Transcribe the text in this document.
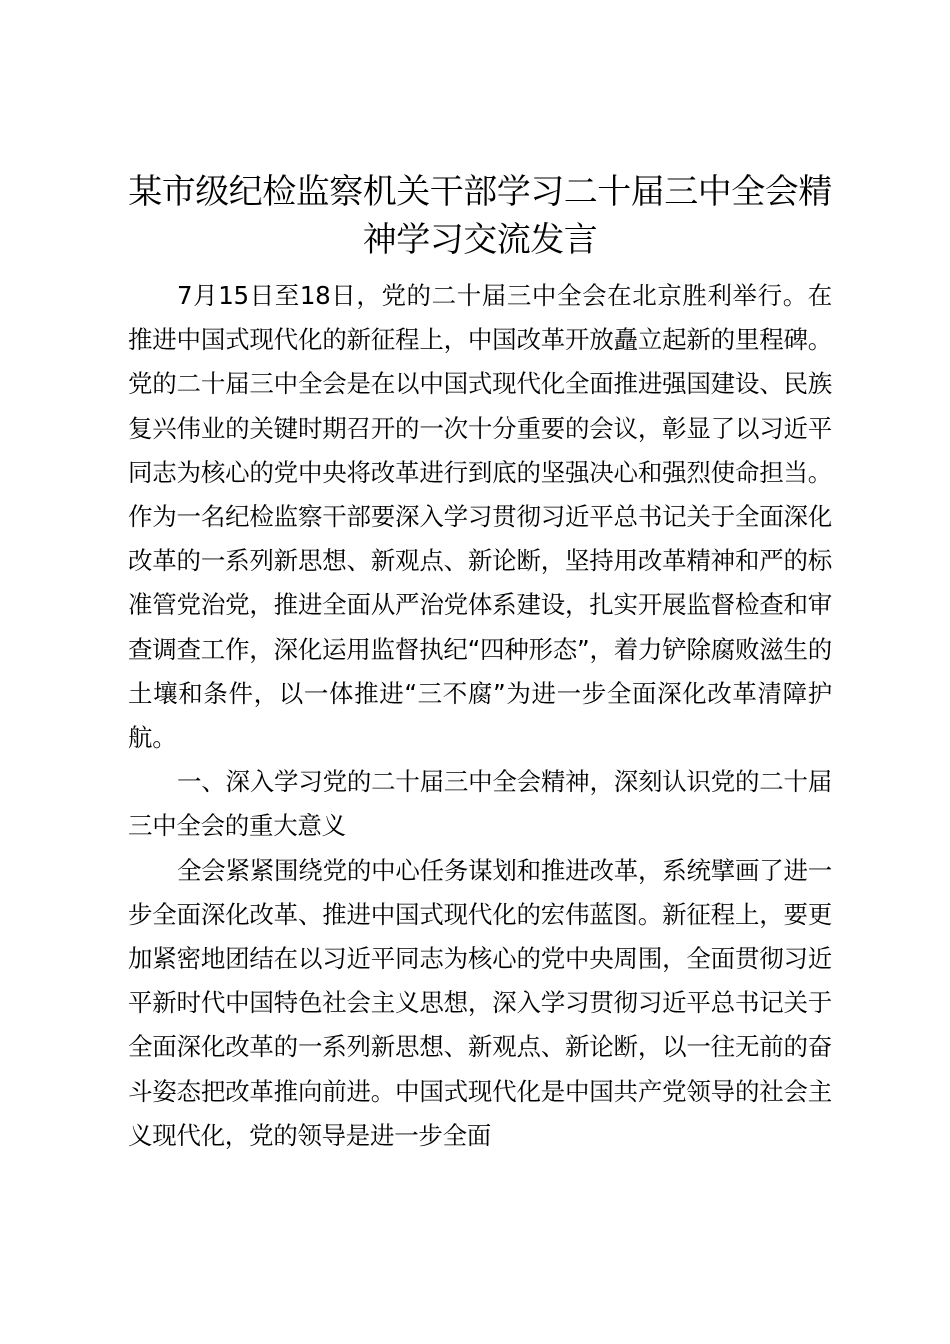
某市级纪检监察机关干部学习二十届三中全会精神学习交流发言

7月15日至18日，党的二十届三中全会在北京胜利举行。在推进中国式现代化的新征程上，中国改革开放矗立起新的里程碑。党的二十届三中全会是在以中国式现代化全面推进强国建设、民族复兴伟业的关键时期召开的一次十分重要的会议，彰显了以习近平同志为核心的党中央将改革进行到底的坚强决心和强烈使命担当。作为一名纪检监察干部要深入学习贯彻习近平总书记关于全面深化改革的一系列新思想、新观点、新论断，坚持用改革精神和严的标准管党治党，推进全面从严治党体系建设，扎实开展监督检查和审查调查工作，深化运用监督执纪“四种形态”，着力铲除腐败滋生的土壤和条件，以一体推进“三不腐”为进一步全面深化改革清障护航。

一、深入学习党的二十届三中全会精神，深刻认识党的二十届三中全会的重大意义

全会紧紧围绕党的中心任务谋划和推进改革，系统擘画了进一步全面深化改革、推进中国式现代化的宏伟蓝图。新征程上，要更加紧密地团结在以习近平同志为核心的党中央周围，全面贯彻习近平新时代中国特色社会主义思想，深入学习贯彻习近平总书记关于全面深化改革的一系列新思想、新观点、新论断，以一往无前的奋斗姿态把改革推向前进。中国式现代化是中国共产党领导的社会主义现代化，党的领导是进一步全面
